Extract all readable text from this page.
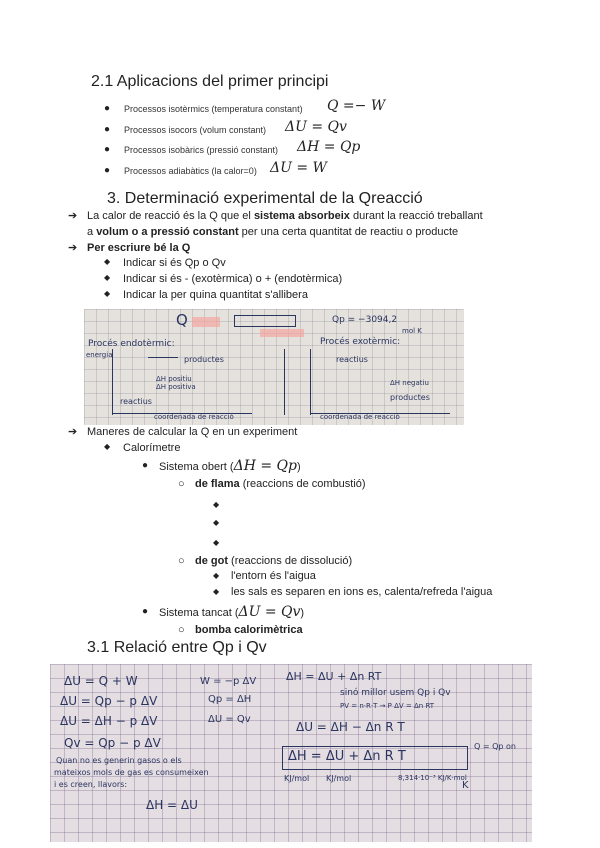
2.1 Aplicacions del primer principi
● Processos isotèrmics (temperatura constant) Q =− W
● Processos isocors (volum constant) ΔU = Qv
● Processos isobàrics (pressió constant) ΔH = Qp
● Processos adiabàtics (la calor=0) ΔU = W
3. Determinació experimental de la Qreacció
➔ La calor de reacció és la Q que el sistema absorbeix durant la reacció treballant
a volum o a pressió constant per una certa quantitat de reactiu o producte
➔ Per escriure bé la Q
◆ Indicar si és Qp o Qv
◆ Indicar si és - (exotèrmica) o + (endotèrmica)
◆ Indicar la per quina quantitat s'allibera
Q	Qp = −3094,2
mol K
Procés endotèrmic:	Procés exotèrmic:
energia	productes
reactius
ΔH positiu
ΔH positiva
reactius
ΔH negatiu
productes
coordenada de reacció	coordenada de reacció
➔ Maneres de calcular la Q en un experiment
◆ Calorímetre
● Sistema obert (ΔH = Qp)
○ de flama (reaccions de combustió)
◆
◆
◆
○ de got (reaccions de dissolució)
◆ l'entorn és l'aigua
◆ les sals es separen en ions es, calenta/refreda l'aigua
● Sistema tancat (ΔU = Qv)
○ bomba calorimètrica
3.1 Relació entre Qp i Qv
ΔU = Q + W
ΔU = Qp − p ΔV
ΔU = ΔH − p ΔV
Qv = Qp − p ΔV
W = −p ΔV
Qp = ΔH
ΔU = Qv
ΔH = ΔU + Δn RT
sinó millor usem Qp i Qv
PV = n·R·T → P ΔV = Δn RT
ΔU = ΔH − Δn R T
ΔH = ΔU + Δn R T
Q = Qp on
Quan no es generin gasos o els
mateixos mols de gas es consumeixen
i es creen, llavors:
ΔH = ΔU
KJ/mol KJ/mol	8,314·10⁻³ KJ/K·mol
K
